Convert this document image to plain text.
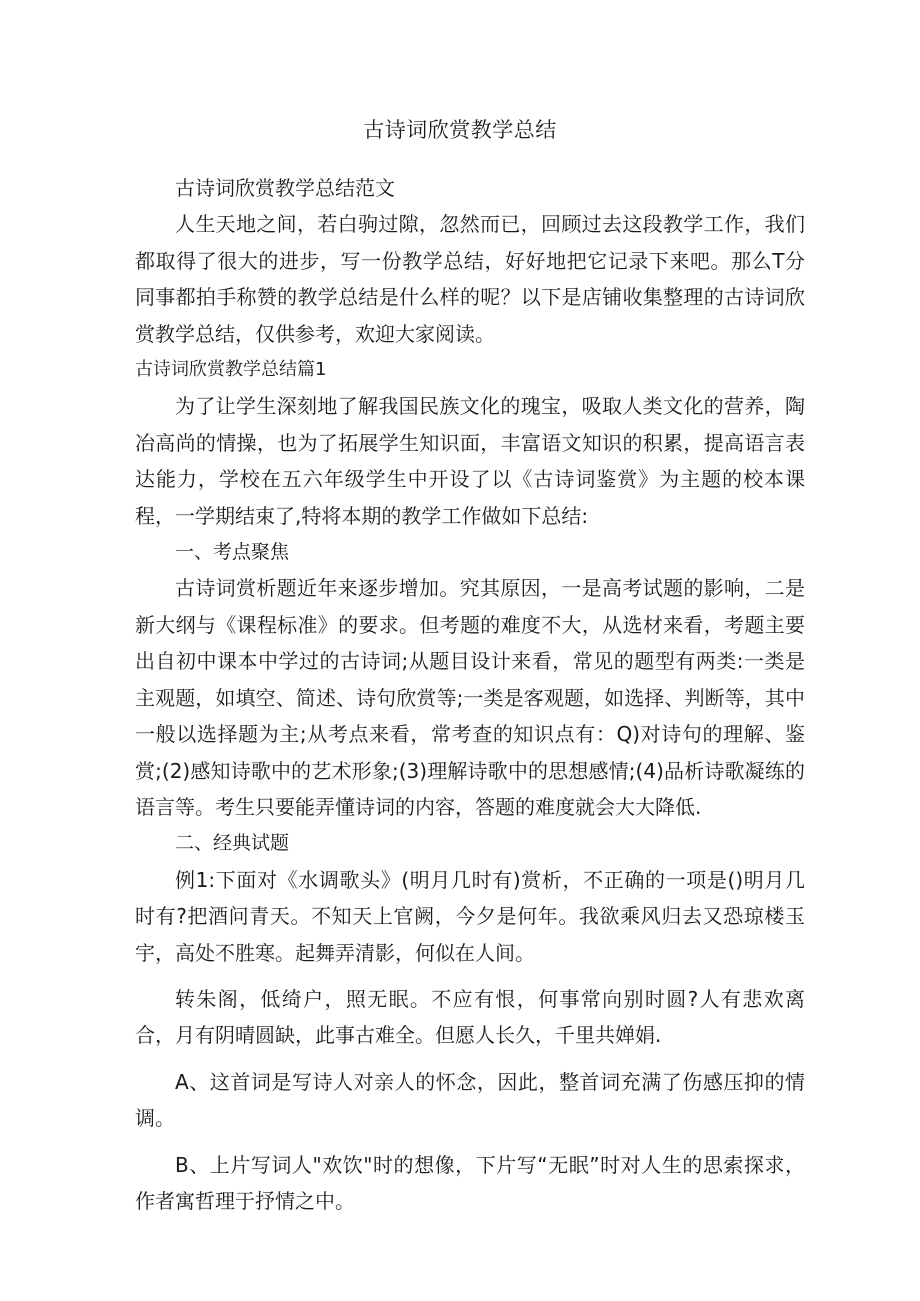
古诗词欣赏教学总结

古诗词欣赏教学总结范文

人生天地之间，若白驹过隙，忽然而已，回顾过去这段教学工作，我们都取得了很大的进步，写一份教学总结，好好地把它记录下来吧。那么T分同事都拍手称赞的教学总结是什么样的呢？以下是店铺收集整理的古诗词欣赏教学总结，仅供参考，欢迎大家阅读。

古诗词欣赏教学总结篇1

为了让学生深刻地了解我国民族文化的瑰宝，吸取人类文化的营养，陶冶高尚的情操，也为了拓展学生知识面，丰富语文知识的积累，提高语言表达能力，学校在五六年级学生中开设了以《古诗词鉴赏》为主题的校本课程，一学期结束了,特将本期的教学工作做如下总结:

一、考点聚焦

古诗词赏析题近年来逐步增加。究其原因，一是高考试题的影响，二是新大纲与《课程标准》的要求。但考题的难度不大，从选材来看，考题主要出自初中课本中学过的古诗词;从题目设计来看，常见的题型有两类:一类是主观题，如填空、简述、诗句欣赏等;一类是客观题，如选择、判断等，其中一般以选择题为主;从考点来看，常考查的知识点有：Q)对诗句的理解、鉴赏;(2)感知诗歌中的艺术形象;(3)理解诗歌中的思想感情;(4)品析诗歌凝练的语言等。考生只要能弄懂诗词的内容，答题的难度就会大大降低.

二、经典试题

例1:下面对《水调歌头》(明月几时有)赏析，不正确的一项是()明月几时有?把酒问青天。不知天上官阙，今夕是何年。我欲乘风归去又恐琼楼玉宇，高处不胜寒。起舞弄清影，何似在人间。

转朱阁，低绮户，照无眠。不应有恨，何事常向别时圆?人有悲欢离合，月有阴晴圆缺，此事古难全。但愿人长久，千里共婵娟.

A、这首词是写诗人对亲人的怀念，因此，整首词充满了伤感压抑的情调。

B、上片写词人"欢饮"时的想像，下片写“无眠”时对人生的思索探求，作者寓哲理于抒情之中。
